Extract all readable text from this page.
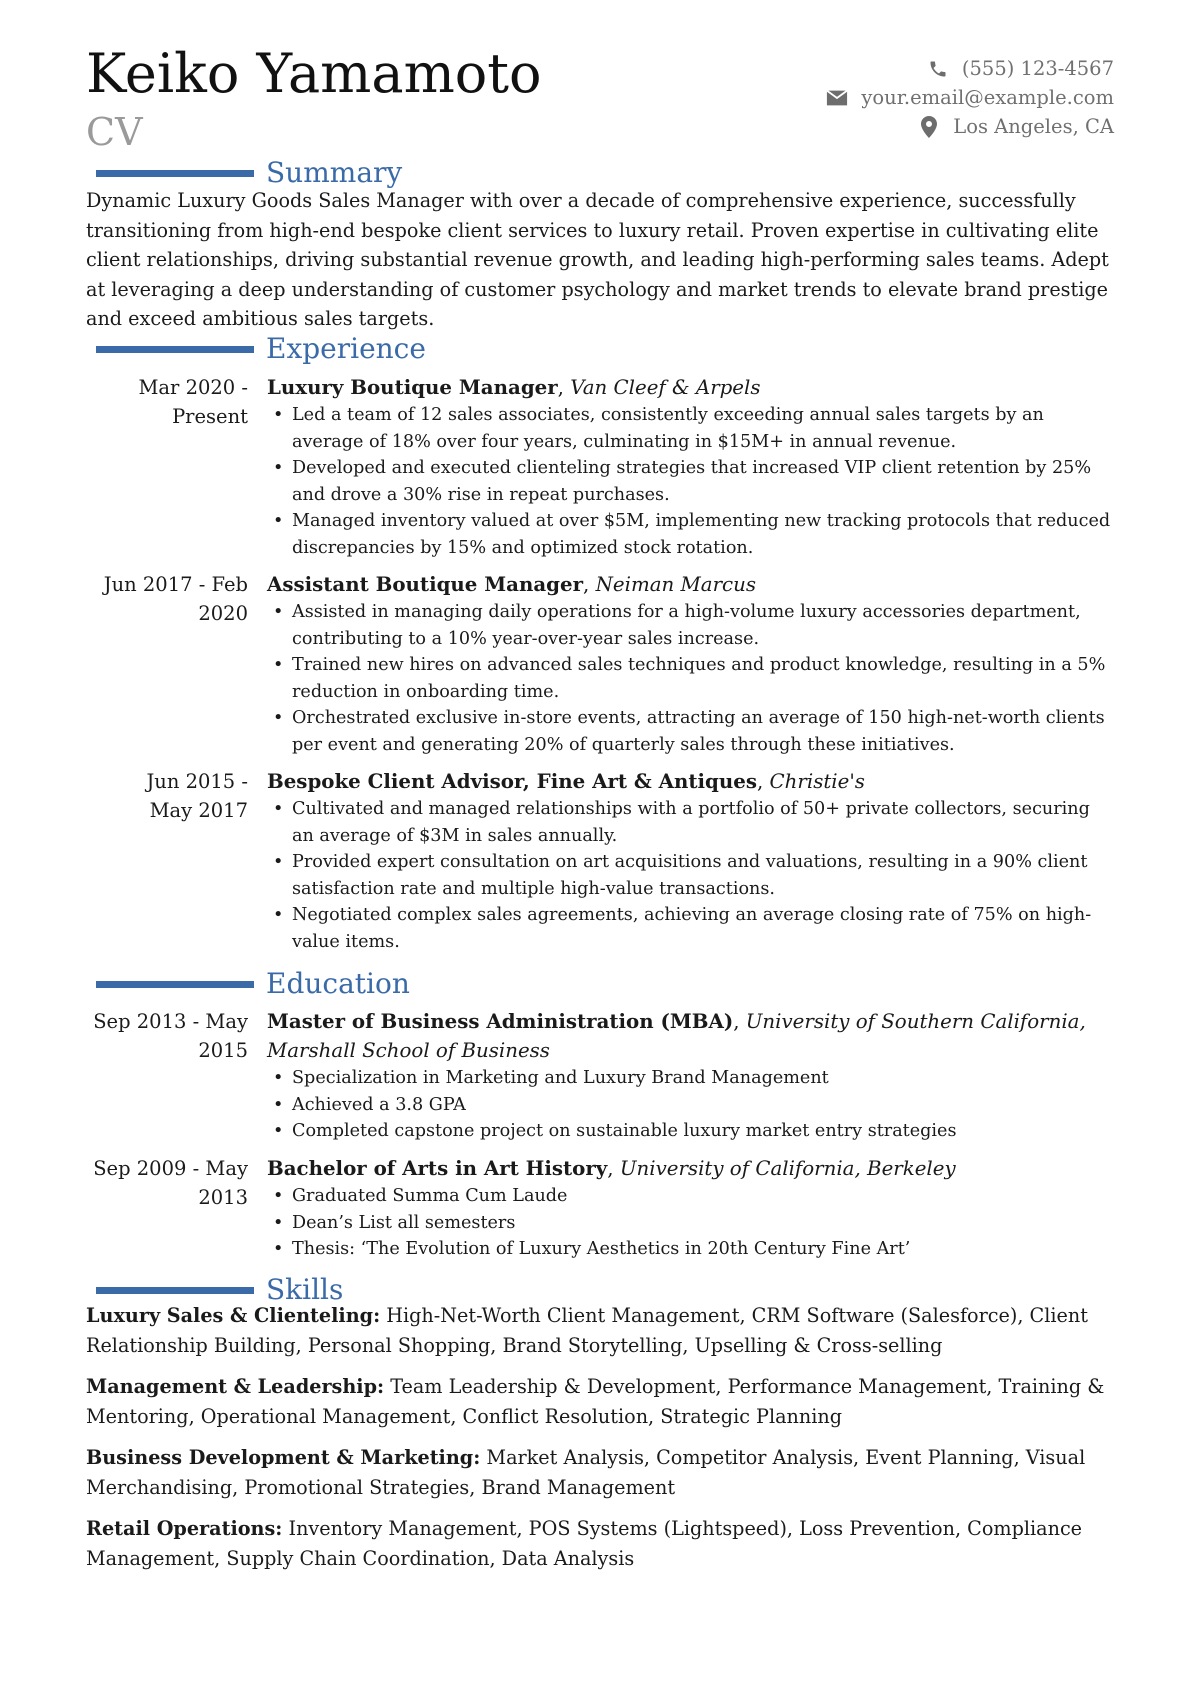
Keiko Yamamoto
CV
(555) 123-4567
your.email@example.com
Los Angeles, CA
Summary
Dynamic Luxury Goods Sales Manager with over a decade of comprehensive experience, successfully transitioning from high-end bespoke client services to luxury retail. Proven expertise in cultivating elite client relationships, driving substantial revenue growth, and leading high-performing sales teams. Adept at leveraging a deep understanding of customer psychology and market trends to elevate brand prestige and exceed ambitious sales targets.
Experience
Mar 2020 -
Present
Luxury Boutique Manager, Van Cleef & Arpels
• Led a team of 12 sales associates, consistently exceeding annual sales targets by an average of 18% over four years, culminating in $15M+ in annual revenue.
• Developed and executed clienteling strategies that increased VIP client retention by 25% and drove a 30% rise in repeat purchases.
• Managed inventory valued at over $5M, implementing new tracking protocols that reduced discrepancies by 15% and optimized stock rotation.
Jun 2017 - Feb
2020
Assistant Boutique Manager, Neiman Marcus
• Assisted in managing daily operations for a high-volume luxury accessories department, contributing to a 10% year-over-year sales increase.
• Trained new hires on advanced sales techniques and product knowledge, resulting in a 5% reduction in onboarding time.
• Orchestrated exclusive in-store events, attracting an average of 150 high-net-worth clients per event and generating 20% of quarterly sales through these initiatives.
Jun 2015 -
May 2017
Bespoke Client Advisor, Fine Art & Antiques, Christie's
• Cultivated and managed relationships with a portfolio of 50+ private collectors, securing an average of $3M in sales annually.
• Provided expert consultation on art acquisitions and valuations, resulting in a 90% client satisfaction rate and multiple high-value transactions.
• Negotiated complex sales agreements, achieving an average closing rate of 75% on high-value items.
Education
Sep 2013 - May
2015
Master of Business Administration (MBA), University of Southern California, Marshall School of Business
• Specialization in Marketing and Luxury Brand Management
• Achieved a 3.8 GPA
• Completed capstone project on sustainable luxury market entry strategies
Sep 2009 - May
2013
Bachelor of Arts in Art History, University of California, Berkeley
• Graduated Summa Cum Laude
• Dean’s List all semesters
• Thesis: ‘The Evolution of Luxury Aesthetics in 20th Century Fine Art’
Skills
Luxury Sales & Clienteling: High-Net-Worth Client Management, CRM Software (Salesforce), Client Relationship Building, Personal Shopping, Brand Storytelling, Upselling & Cross-selling
Management & Leadership: Team Leadership & Development, Performance Management, Training & Mentoring, Operational Management, Conflict Resolution, Strategic Planning
Business Development & Marketing: Market Analysis, Competitor Analysis, Event Planning, Visual Merchandising, Promotional Strategies, Brand Management
Retail Operations: Inventory Management, POS Systems (Lightspeed), Loss Prevention, Compliance Management, Supply Chain Coordination, Data Analysis
